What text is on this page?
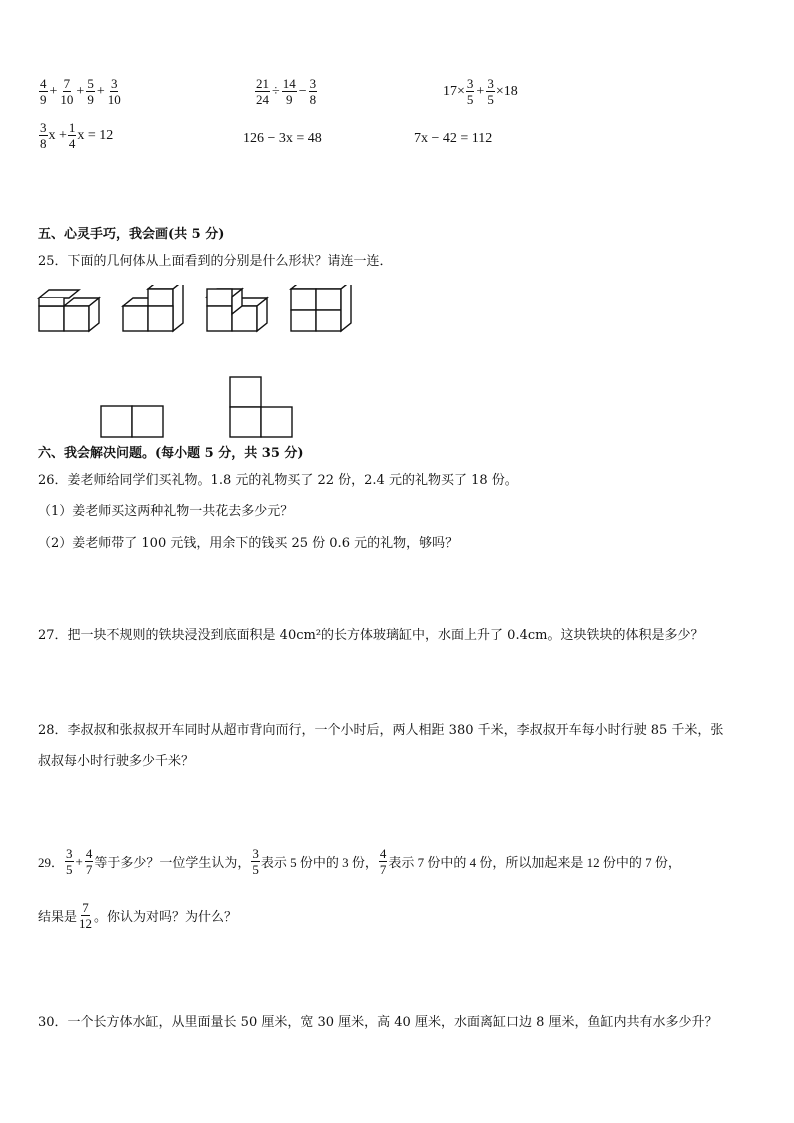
$\frac{4}{9} + \frac{7}{10} + \frac{5}{9} + \frac{3}{10}$	$\frac{21}{24} \div \frac{14}{9} - \frac{3}{8}$	$17\times \frac{3}{5} + \frac{3}{5} \times 18$
$\frac{3}{8}$ $x + \frac{1}{4}$ x = 12	126 − 3x = 48	7x − 42 = 112
五、心灵手巧，我会画(共 5 分)
25．下面的几何体从上面看到的分别是什么形状？请连一连．
六、我会解决问题。(每小题 5 分，共 35 分)
26．姜老师给同学们买礼物。1.8 元的礼物买了 22 份，2.4 元的礼物买了 18 份。
（1）姜老师买这两种礼物一共花去多少元？
（2）姜老师带了 100 元钱，用余下的钱买 25 份 0.6 元的礼物，够吗？
27．把一块不规则的铁块浸没到底面积是 40cm²的长方体玻璃缸中，水面上升了 0.4cm。这块铁块的体积是多少？
28．李叔叔和张叔叔开车同时从超市背向而行，一个小时后，两人相距 380 千米，李叔叔开车每小时行驶 85 千米，张
叔叔每小时行驶多少千米？
29． $\frac{3}{5} + \frac{4}{7}$ 等于多少？一位学生认为， $\frac{3}{5}$ 表示 5 份中的 3 份， $\frac{4}{7}$ 表示 7 份中的 4 份，所以加起来是 12 份中的 7 份，
结果是 $\frac{7}{12}$ 。你认为对吗？为什么？
30．一个长方体水缸，从里面量长 50 厘米，宽 30 厘米，高 40 厘米，水面离缸口边 8 厘米，鱼缸内共有水多少升？
